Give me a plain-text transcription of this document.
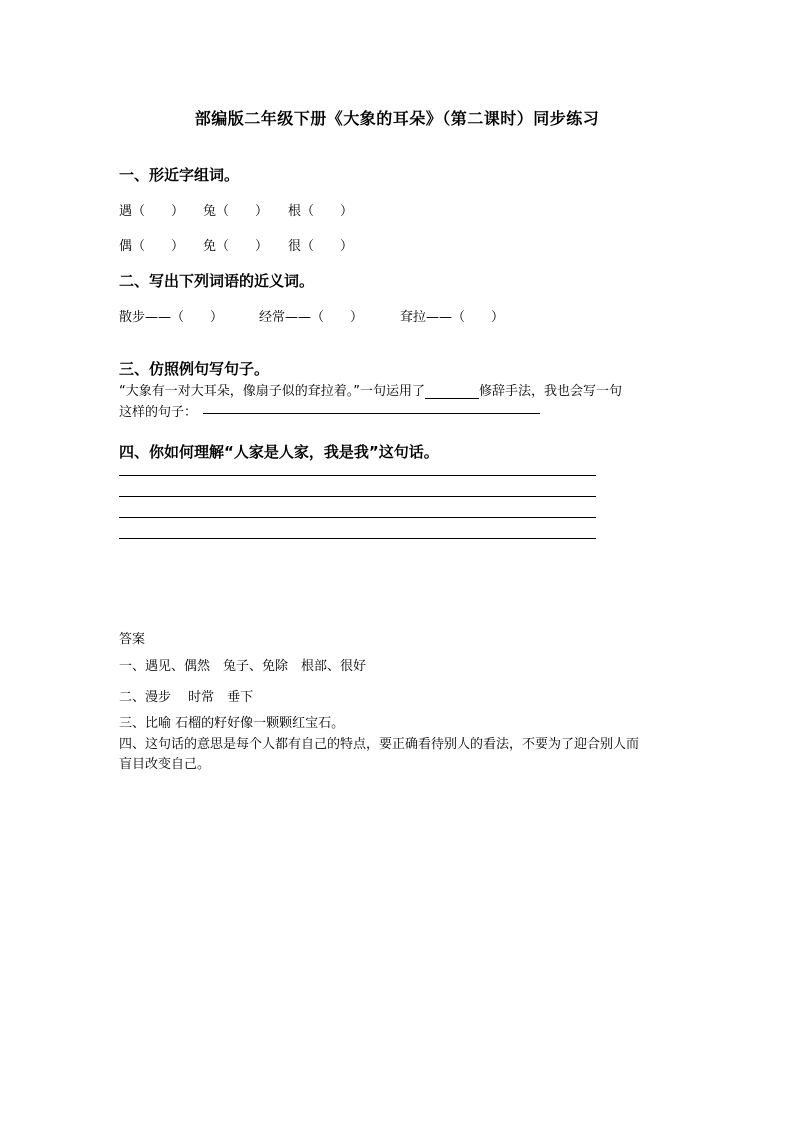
部编版二年级下册《大象的耳朵》（第二课时）同步练习
一、形近字组词。
遇（　　） 兔（　　） 根（　　）
偶（　　） 免（　　） 很（　　）
二、写出下列词语的近义词。
散步——（　　）	经常——（　　）	耷拉——（　　）
三、仿照例句写句子。
“大象有一对大耳朵，像扇子似的耷拉着。”一句运用了	修辞手法，我也会写一句
这样的句子：
四、你如何理解“人家是人家，我是我”这句话。
答案
一、遇见、偶然　兔子、免除　根部、很好
二、漫步　 时常　垂下
三、比喻 石榴的籽好像一颗颗红宝石。
四、这句话的意思是每个人都有自己的特点，要正确看待别人的看法，不要为了迎合别人而
盲目改变自己。
